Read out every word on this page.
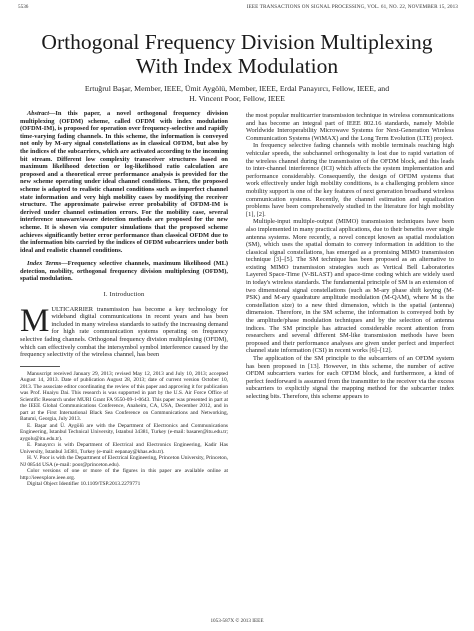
5536	IEEE TRANSACTIONS ON SIGNAL PROCESSING, VOL. 61, NO. 22, NOVEMBER 15, 2013
Orthogonal Frequency Division Multiplexing
With Index Modulation
Ertuğrul Başar, Member, IEEE, Ümit Aygölü, Member, IEEE, Erdal Panayırcı, Fellow, IEEE, and
H. Vincent Poor, Fellow, IEEE

Abstract—In this paper, a novel orthogonal frequency division multiplexing (OFDM) scheme, called OFDM with index modulation (OFDM-IM), is proposed for operation over frequency-selective and rapidly time-varying fading channels. In this scheme, the information is conveyed not only by M-ary signal constellations as in classical OFDM, but also by the indices of the subcarriers, which are activated according to the incoming bit stream. Different low complexity transceiver structures based on maximum likelihood detection or log-likelihood ratio calculation are proposed and a theoretical error performance analysis is provided for the new scheme operating under ideal channel conditions. Then, the proposed scheme is adapted to realistic channel conditions such as imperfect channel state information and very high mobility cases by modifying the receiver structure. The approximate pairwise error probability of OFDM-IM is derived under channel estimation errors. For the mobility case, several interference unaware/aware detection methods are proposed for the new scheme. It is shown via computer simulations that the proposed scheme achieves significantly better error performance than classical OFDM due to the information bits carried by the indices of OFDM subcarriers under both ideal and realistic channel conditions.

Index Terms—Frequency selective channels, maximum likelihood (ML) detection, mobility, orthogonal frequency division multiplexing (OFDM), spatial modulation.

I. Introduction

MULTICARRIER transmission has become a key technology for wideband digital communications in recent years and has been included in many wireless standards to satisfy the increasing demand for high rate communication systems operating on frequency selective fading channels. Orthogonal frequency division multiplexing (OFDM), which can effectively combat the intersymbol symbol interference caused by the frequency selectivity of the wireless channel, has been

Manuscript received January 29, 2013; revised May 12, 2013 and July 10, 2013; accepted August 14, 2013. Date of publication August 28, 2013; date of current version October 10, 2013. The associate editor coordinating the review of this paper and approving it for publication was Prof. Huaiyu Dai. This research is was supported in part by the U.S. Air Force Office of Scientific Research under MURI Grant FA 9550-09-1-0643. This paper was presented in part at the IEEE Global Communications Conference, Anaheim, CA, USA, December 2012, and in part at the First International Black Sea Conference on Communications and Networking, Batumi, Georgia, July 2013.

E. Başar and Ü. Aygölü are with the Department of Electronics and Communications Engineering, Istanbul Technical University, Istanbul 34381, Turkey (e-mail: basarer@itu.edu.tr; aygolu@itu.edu.tr).

E. Panayırcı is with Department of Electrical and Electronics Engineering, Kadir Has University, Istanbul 34381, Turkey (e-mail: eepanay@khas.edu.tr).

H. V. Poor is with the Department of Electrical Engineering, Princeton University, Princeton, NJ 08544 USA (e-mail: poor@princeton.edu).

Color versions of one or more of the figures in this paper are available online at http://ieeexplore.ieee.org.

Digital Object Identifier 10.1109/TSP.2013.2279771

the most popular multicarrier transmission technique in wireless communications and has become an integral part of IEEE 802.16 standards, namely Mobile Worldwide Interoperability Microwave Systems for Next-Generation Wireless Communication Systems (WiMAX) and the Long Term Evolution (LTE) project.

In frequency selective fading channels with mobile terminals reaching high vehicular speeds, the subchannel orthogonality is lost due to rapid variation of the wireless channel during the transmission of the OFDM block, and this leads to inter-channel interference (ICI) which affects the system implementation and performance considerably. Consequently, the design of OFDM systems that work effectively under high mobility conditions, is a challenging problem since mobility support is one of the key features of next generation broadband wireless communication systems. Recently, the channel estimation and equalization problems have been comprehensively studied in the literature for high mobility [1], [2].

Multiple-input multiple-output (MIMO) transmission techniques have been also implemented in many practical applications, due to their benefits over single antenna systems. More recently, a novel concept known as spatial modulation (SM), which uses the spatial domain to convey information in addition to the classical signal constellations, has emerged as a promising MIMO transmission technique [3]–[5]. The SM technique has been proposed as an alternative to existing MIMO transmission strategies such as Vertical Bell Laboratories Layered Space-Time (V-BLAST) and space-time coding which are widely used in today's wireless standards. The fundamental principle of SM is an extension of two dimensional signal constellations (such as M-ary phase shift keying (M-PSK) and M-ary quadrature amplitude modulation (M-QAM), where M is the constellation size) to a new third dimension, which is the spatial (antenna) dimension. Therefore, in the SM scheme, the information is conveyed both by the amplitude/phase modulation techniques and by the selection of antenna indices. The SM principle has attracted considerable recent attention from researchers and several different SM-like transmission methods have been proposed and their performance analyses are given under perfect and imperfect channel state information (CSI) in recent works [6]–[12].

The application of the SM principle to the subcarriers of an OFDM system has been proposed in [13]. However, in this scheme, the number of active OFDM subcarriers varies for each OFDM block, and furthermore, a kind of perfect feedforward is assumed from the transmitter to the receiver via the excess subcarriers to explicitly signal the mapping method for the subcarrier index selecting bits. Therefore, this scheme appears to

1053-587X © 2013 IEEE
